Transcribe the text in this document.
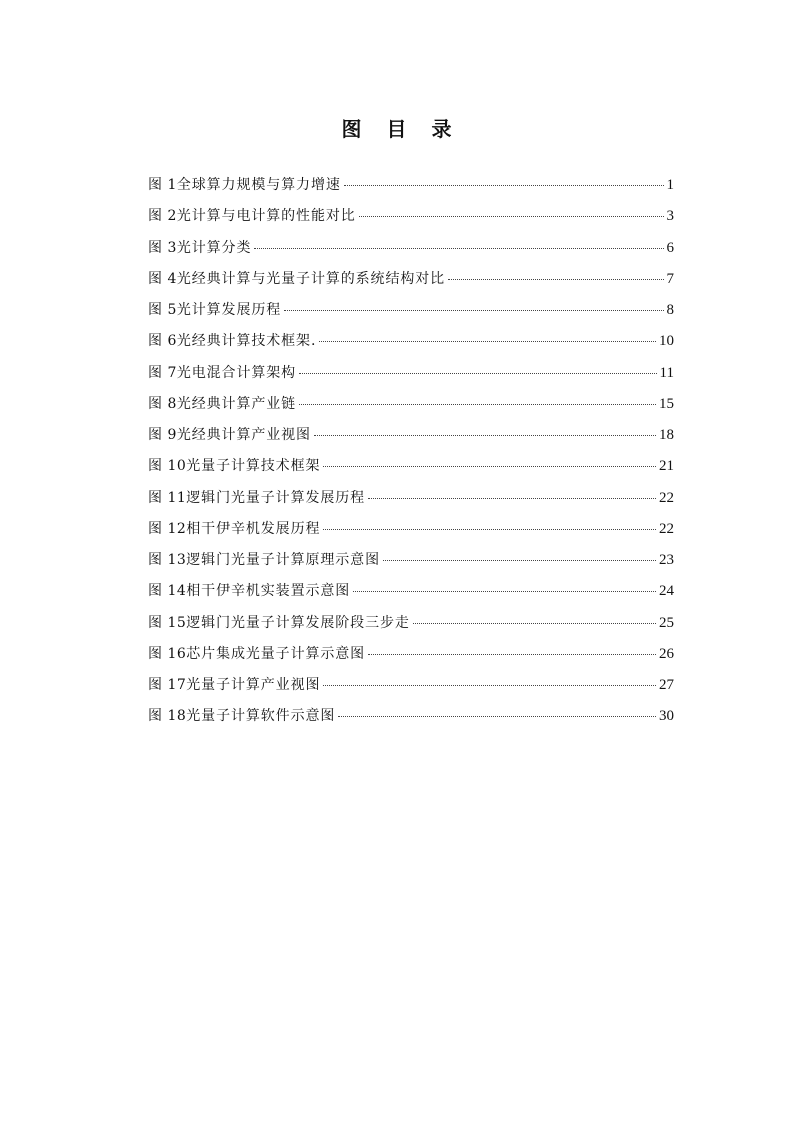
图 目 录
图 1 全球算力规模与算力增速	1
图 2 光计算与电计算的性能对比	3
图 3 光计算分类	6
图 4 光经典计算与光量子计算的系统结构对比	7
图 5 光计算发展历程	8
图 6 光经典计算技术框架.	10
图 7 光电混合计算架构	11
图 8 光经典计算产业链	15
图 9 光经典计算产业视图	18
图 10 光量子计算技术框架	21
图 11 逻辑门光量子计算发展历程	22
图 12 相干伊辛机发展历程	22
图 13 逻辑门光量子计算原理示意图	23
图 14 相干伊辛机实装置示意图	24
图 15 逻辑门光量子计算发展阶段三步走	25
图 16 芯片集成光量子计算示意图	26
图 17 光量子计算产业视图	27
图 18 光量子计算软件示意图	30
